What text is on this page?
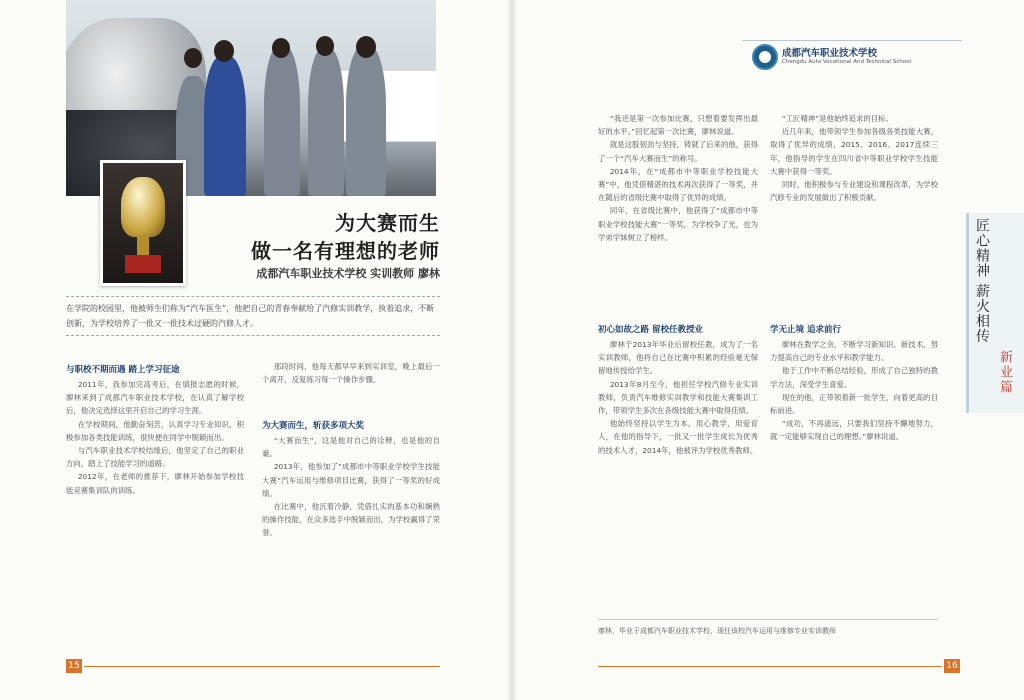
为大赛而生
做一名有理想的老师
成都汽车职业技术学校 实训教师 廖林
在学院的校园里，他被师生们称为“汽车医生”，他把自己的青春奉献给了汽修实训教学，执着追求，不断创新，为学校培养了一批又一批技术过硬的汽修人才。
与职校不期而遇 踏上学习征途

2011年，我参加完高考后，在填报志愿的时候，廖林来到了成都汽车职业技术学校，在认真了解学校后，他决定选择这里开启自己的学习生涯。

在学校期间，他勤奋刻苦，认真学习专业知识，积极参加各类技能训练，很快便在同学中脱颖而出。

与汽车职业技术学校结缘后，他坚定了自己的职业方向，踏上了技能学习的道路。

2012年，在老师的推荐下，廖林开始参加学校技能竞赛集训队的训练。

那段时间，他每天都早早来到实训室，晚上最后一个离开，反复练习每一个操作步骤。

为大赛而生，斩获多项大奖

“大赛而生”，这是他对自己的诠释，也是他的自豪。

2013年，他参加了“成都市中等职业学校学生技能大赛”汽车运用与维修项目比赛，获得了一等奖的好成绩。

在比赛中，他沉着冷静，凭借扎实的基本功和娴熟的操作技能，在众多选手中脱颖而出，为学校赢得了荣誉。

15
成都汽车职业技术学校
Chengdu Auto Vocational And Technical School

“我还是第一次参加比赛，只想着要发挥出最好的水平。”回忆起第一次比赛，廖林说道。

就是这股韧劲与坚持，铸就了后来的他，获得了一个“汽车大赛而生”的称号。

2014年，在“成都市中等职业学校技能大赛”中，他凭借精湛的技术再次获得了一等奖，并在随后的省级比赛中取得了优异的成绩。

同年，在省级比赛中，他获得了“成都市中等职业学校技能大赛”一等奖，为学校争了光，也为学弟学妹树立了榜样。

初心如故之路 留校任教授业

廖林于2013年毕业后留校任教，成为了一名实训教师，他将自己在比赛中积累的经验毫无保留地传授给学生。

2013年8月至今，他担任学校汽修专业实训教师，负责汽车维修实训教学和技能大赛集训工作，带领学生多次在各级技能大赛中取得佳绩。

他始终坚持以学生为本，用心教学，用爱育人，在他的指导下，一批又一批学生成长为优秀的技术人才，2014年，他被评为学校优秀教师。

“工匠精神”是他始终追求的目标。

近几年来，他带领学生参加各级各类技能大赛，取得了优异的成绩，2015、2016、2017连续三年，他指导的学生在四川省中等职业学校学生技能大赛中获得一等奖。

同时，他积极参与专业建设和课程改革，为学校汽修专业的发展做出了积极贡献。

学无止境 追求前行

廖林在教学之余，不断学习新知识、新技术，努力提高自己的专业水平和教学能力。

他于工作中不断总结经验，形成了自己独特的教学方法，深受学生喜爱。

现在的他，正带领着新一批学生，向着更高的目标前进。

“成功，不再遥远，只要我们坚持不懈地努力，就一定能够实现自己的理想。”廖林说道。

廖林，毕业于成都汽车职业技术学校，现任该校汽车运用与维修专业实训教师
匠心精神 薪火相传
新业篇
16
